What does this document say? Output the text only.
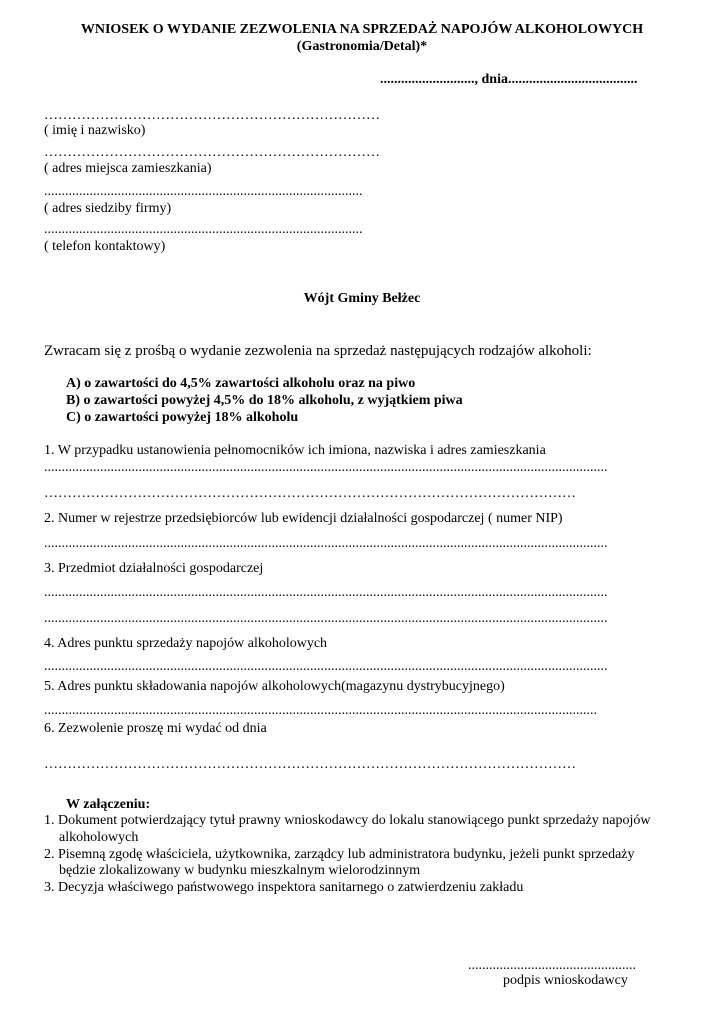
WNIOSEK O WYDANIE ZEZWOLENIA NA SPRZEDAŻ NAPOJÓW ALKOHOLOWYCH
(Gastronomia/Detal)*
..........................., dnia.....................................
………………………………………………………………
( imię i nazwisko)
………………………………………………………………
( adres miejsca zamieszkania)
...........................................................................................
( adres siedziby firmy)
...........................................................................................
( telefon kontaktowy)
Wójt Gminy Bełżec
Zwracam się z prośbą o wydanie zezwolenia na sprzedaż następujących rodzajów alkoholi:
A) o zawartości do 4,5% zawartości alkoholu oraz na piwo
B) o zawartości powyżej 4,5% do 18% alkoholu, z wyjątkiem piwa
C) o zawartości powyżej 18% alkoholu
1. W przypadku ustanowienia pełnomocników ich imiona, nazwiska i adres zamieszkania
.................................................................................................................................................................
……………………………………………………………………………………………………
2. Numer w rejestrze przedsiębiorców lub ewidencji działalności gospodarczej ( numer NIP)
.................................................................................................................................................................
3. Przedmiot działalności gospodarczej
.................................................................................................................................................................
.................................................................................................................................................................
4. Adres punktu sprzedaży napojów alkoholowych
.................................................................................................................................................................
5. Adres punktu składowania napojów alkoholowych(magazynu dystrybucyjnego)
..............................................................................................................................................................
6. Zezwolenie proszę mi wydać od dnia
……………………………………………………………………………………………………
W załączeniu:
1. Dokument potwierdzający tytuł prawny wnioskodawcy do lokalu stanowiącego punkt sprzedaży napojów
alkoholowych
2. Pisemną zgodę właściciela, użytkownika, zarządcy lub administratora budynku, jeżeli punkt sprzedaży
będzie zlokalizowany w budynku mieszkalnym wielorodzinnym
3. Decyzja właściwego państwowego inspektora sanitarnego o zatwierdzeniu zakładu
................................................
podpis wnioskodawcy
